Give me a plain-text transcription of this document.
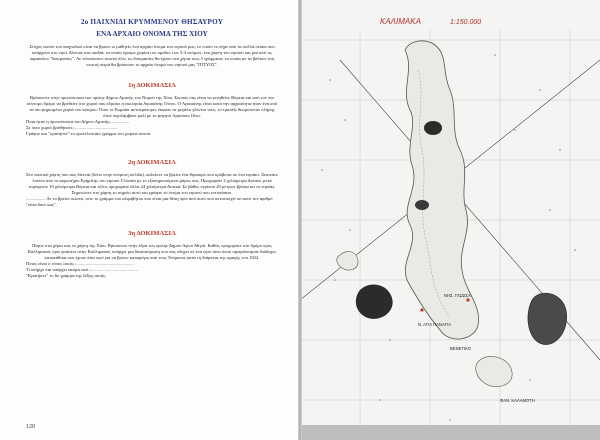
2ο ΠΑΙΧΝΙΔΙ ΚΡΥΜΜΕΝΟΥ ΘΗΣΑΥΡΟΥ
ΕΝΑ ΑΡΧΑΙΟ ΟΝΟΜΑ ΤΗΣ ΧΙΟΥ

Στόχος αυτού του παιχνιδιού είναι να βρουν οι μαθητές ένα αρχαίο όνομα του νησιού μας, το οποίο το πήρε από τα πολλά πεύκα που υπάρχουν στο νησί. Δίνεται στα παιδιά, τα οποία έχουμε χωρίσει σε ομάδες των 3-4 ατόμων, ένα χάρτη του νησιού και μία από τις παρακάτω "δοκιμασίες". Αν τελειώσουν σωστά όλες τις δοκιμασίες θα έχουν στα χέρια τους 5 γράμματα, τα οποία αν τα βάλουν στη σωστή σειρά θα βρίσκουν το αρχαίο όνομα του νησιού μας "ΠΙΤΥΟΣ".

1η ΔΟΚΙΜΑΣΙΑ

Βρίσκεστε στην πρωτεύουσα του πρώην Δήμου Αμανής του Νομού της Χίου. Σκοπός σας είναι να κινηθείτε Βόρεια και από τον πιο σύντομο δρόμο να βρεθείτε στο χωριό που εδρεύει η εκκλησία Αγιασάνης Οίνου. Ο Αγιασάνης είναι κατά την αρχαιότητα ήταν ένα από τα πιο φημισμένα χωριά του κόσμου. Όταν οι Ρωμαίοι αυτοκράτορες έκαναν τα μεγάλα γλέντια τους, το τραπέζι θεωρούνταν πλήρης όταν περιλάμβανε μαζί με το φαγητό Αριούσιο Οίνο.

Ποια ήταν η πρωτεύουσα του Δήμου Αμανής;................

Σε ποιο χωριό βρεθήκατε;......................................

Γράψτε και "κρατήστε" το προτελευταίο γράμμα του χωριού αυτού.

2η ΔΟΚΙΜΑΣΙΑ

Στο ναυτικό χάρτη που σας δίνεται (δείτε στην επόμενη σελίδα), καλείστε να βρείτε ένα θησαυρό που κρύβεται σε ένα νησάκι. Ξεκινάτε λοιπόν από το ακρωτήριο Ερημίτης του νησιού Γλώσσα με το εξυπηρετούμενο φάρος σας. Προχωράτε 2 χιλιόμετρα Δυτικά, μετά στρέφεστε 10 χιλιόμετρα Βόρεια και τέλος προχωράτε άλλα 24 χιλιόμετρα Δυτικά. Σε βάθος περίπου 20 μέτρων βρίσκεται το νησάκι. Σημειώστε στο χάρτη το σημείο αυτό και γράψτε το όνομα του νησιού που εντοπίσατε.

................. Αν το βρείτε σωστά, τότε το γράμμα του αλφαβήτου που είναι μια θέση πριν από αυτό που αντιστοιχεί σε αυτό τον αριθμό "είναι δικό σας".

3η ΔΟΚΙΜΑΣΙΑ

Πάρτε στα χέρια σας το χάρτη της Χίου. Βρίσκεστε στην έδρα του πρώην Δήμου Αγίου Μηνά. Καθώς προχωράτε στο δρόμο προς Καλλιμασιά, πριν φτάσετε στην Καλλιμασιά, υπάρχει μια διασταύρωση που σας οδηγεί σε ένα ιερό τόπο όπου σφαγιάστηκαν διάδοχες κατακάθικα που έχουν πάει εκεί για να βρουν καταφύγιο από τους Τούρκους κατά τη διάρκεια της σφαγής του 1822.

Ποιος είναι ο τόπος αυτός ;..................................................

Τι υπήρχε και υπάρχει ακόμα εκεί ;.........................................

"Κρατήστε" το 6ο γράμμα της λέξης αυτής.

120
ΝΗΣ. ΓΛΩΣΣΑ
Ν. ΑΓΙΑ ΠΑΝΑΓΙΑ
ΒΕΝΕΤΙΚΟ
ΦΑΝ. ΚΑΛΑΜΟΤΗ
ΚΑΛΙΜΑΚΑ	1:150.000
